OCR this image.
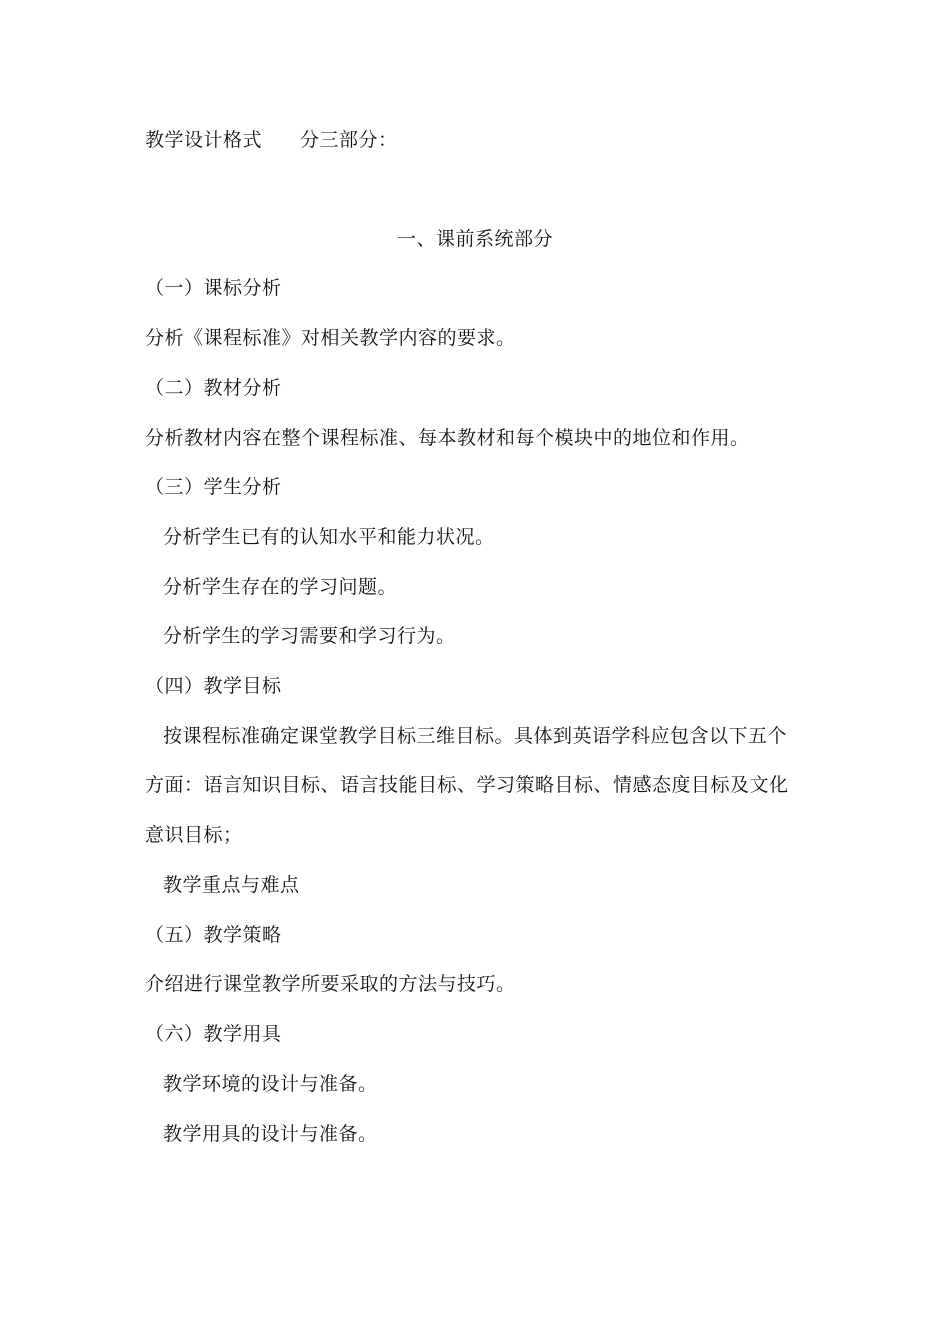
教学设计格式 分三部分：
一、课前系统部分
（一）课标分析
分析《课程标准》对相关教学内容的要求。
（二）教材分析
分析教材内容在整个课程标准、每本教材和每个模块中的地位和作用。
（三）学生分析
分析学生已有的认知水平和能力状况。
分析学生存在的学习问题。
分析学生的学习需要和学习行为。
（四）教学目标
按课程标准确定课堂教学目标三维目标。具体到英语学科应包含以下五个
方面：语言知识目标、语言技能目标、学习策略目标、情感态度目标及文化
意识目标；
教学重点与难点
（五）教学策略
介绍进行课堂教学所要采取的方法与技巧。
（六）教学用具
教学环境的设计与准备。
教学用具的设计与准备。
